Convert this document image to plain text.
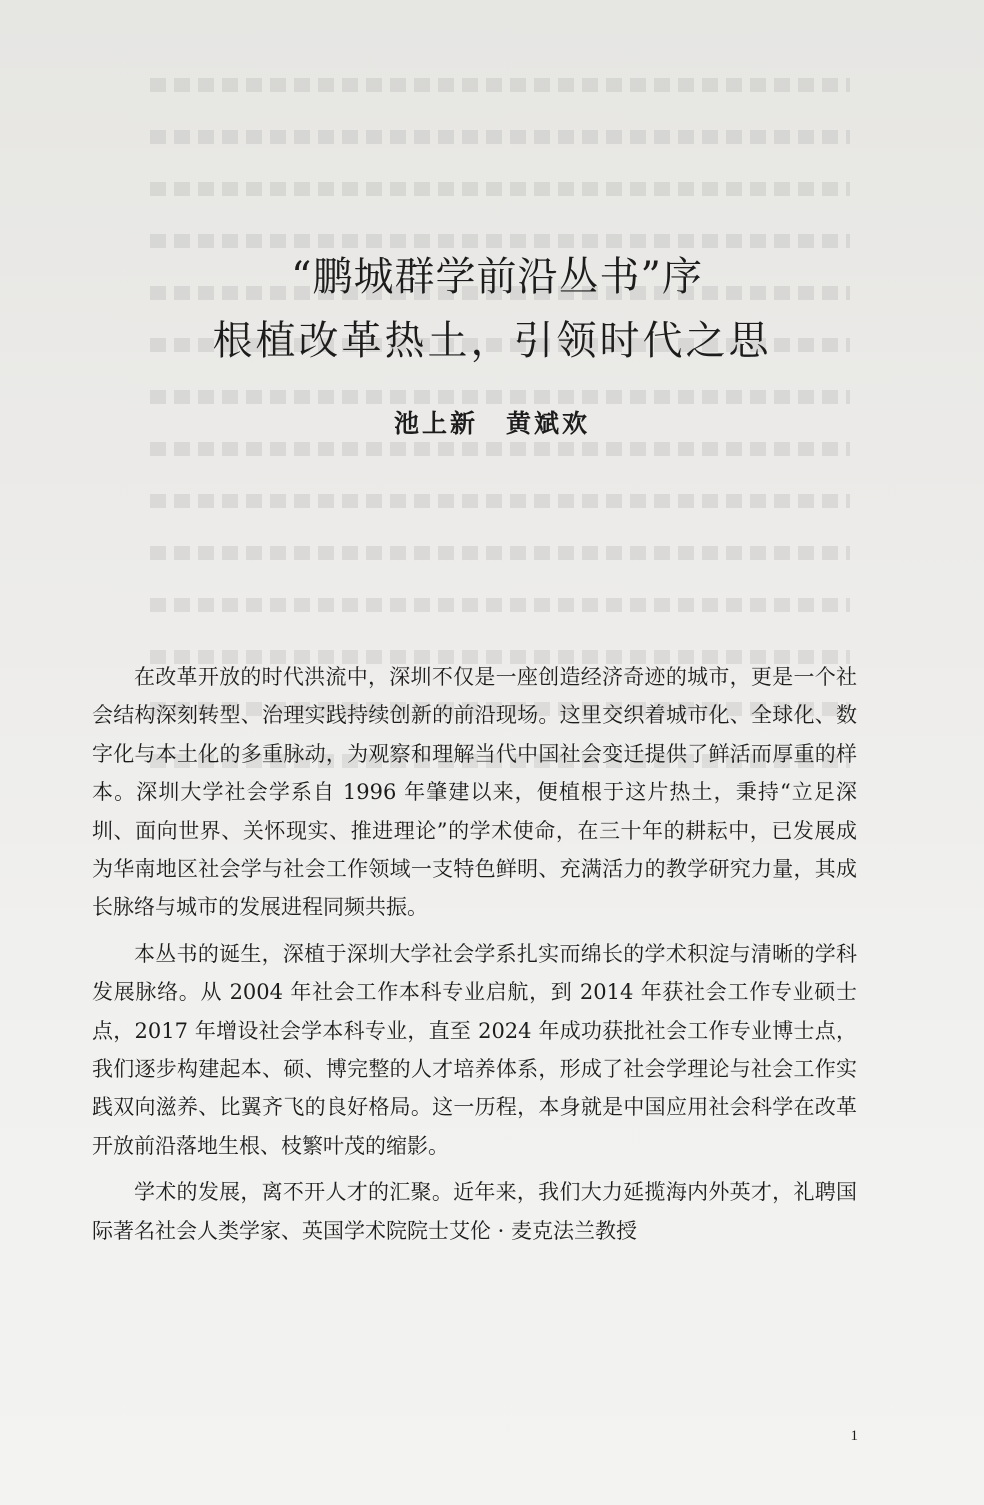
“鹏城群学前沿丛书”序
根植改革热土，引领时代之思
池上新　黄斌欢

在改革开放的时代洪流中，深圳不仅是一座创造经济奇迹的城市，更是一个社会结构深刻转型、治理实践持续创新的前沿现场。这里交织着城市化、全球化、数字化与本土化的多重脉动，为观察和理解当代中国社会变迁提供了鲜活而厚重的样本。深圳大学社会学系自 1996 年肇建以来，便植根于这片热土，秉持“立足深圳、面向世界、关怀现实、推进理论”的学术使命，在三十年的耕耘中，已发展成为华南地区社会学与社会工作领域一支特色鲜明、充满活力的教学研究力量，其成长脉络与城市的发展进程同频共振。

本丛书的诞生，深植于深圳大学社会学系扎实而绵长的学术积淀与清晰的学科发展脉络。从 2004 年社会工作本科专业启航，到 2014 年获社会工作专业硕士点，2017 年增设社会学本科专业，直至 2024 年成功获批社会工作专业博士点，我们逐步构建起本、硕、博完整的人才培养体系，形成了社会学理论与社会工作实践双向滋养、比翼齐飞的良好格局。这一历程，本身就是中国应用社会科学在改革开放前沿落地生根、枝繁叶茂的缩影。

学术的发展，离不开人才的汇聚。近年来，我们大力延揽海内外英才，礼聘国际著名社会人类学家、英国学术院院士艾伦 · 麦克法兰教授

1
